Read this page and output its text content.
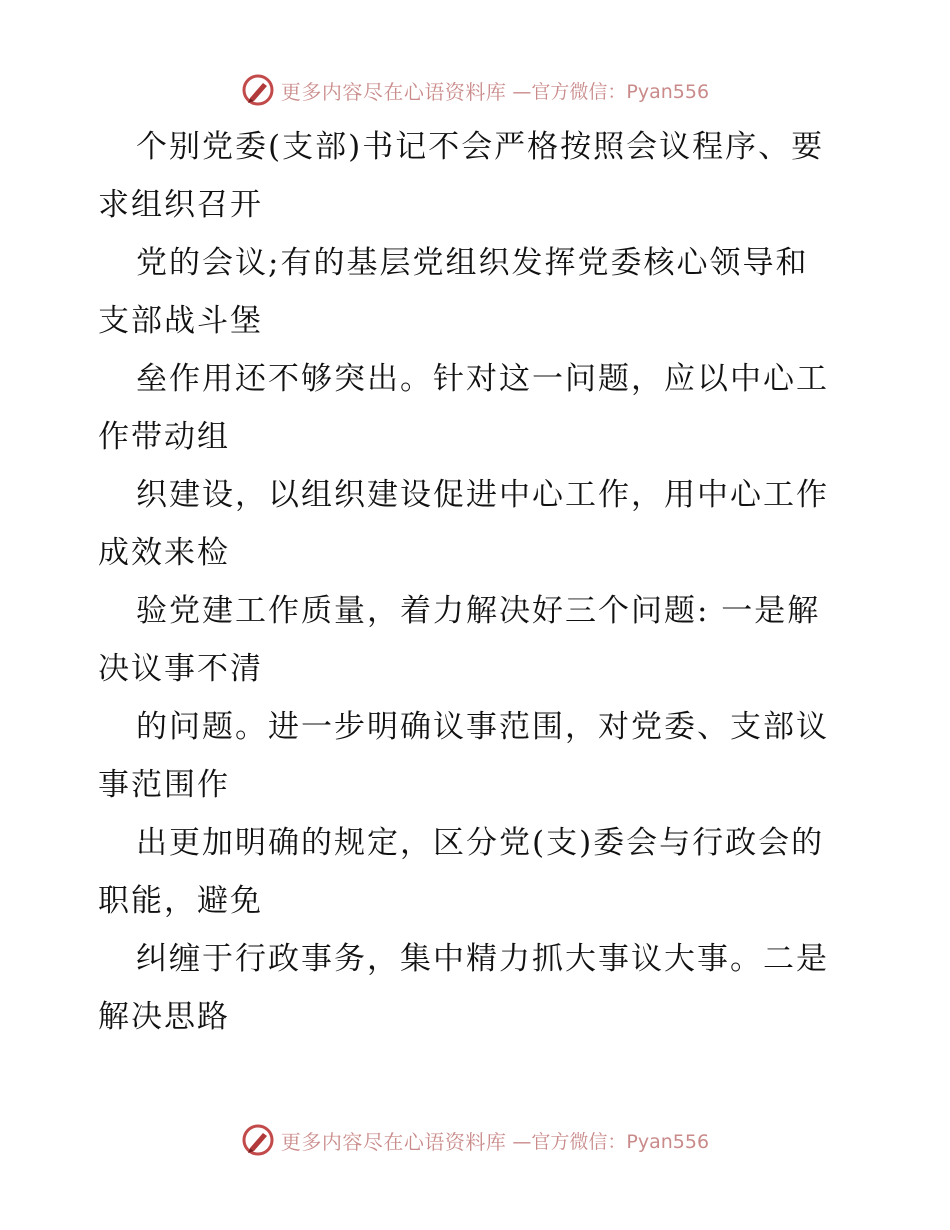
更多内容尽在心语资料库 —官方微信：Pyan556

个别党委(支部)书记不会严格按照会议程序、要
求组织召开

党的会议;有的基层党组织发挥党委核心领导和
支部战斗堡

垒作用还不够突出。针对这一问题，应以中心工
作带动组

织建设，以组织建设促进中心工作，用中心工作
成效来检

验党建工作质量，着力解决好三个问题: 一是解
决议事不清

的问题。进一步明确议事范围，对党委、支部议
事范围作

出更加明确的规定，区分党(支)委会与行政会的
职能，避免

纠缠于行政事务，集中精力抓大事议大事。二是
解决思路

更多内容尽在心语资料库 —官方微信：Pyan556
